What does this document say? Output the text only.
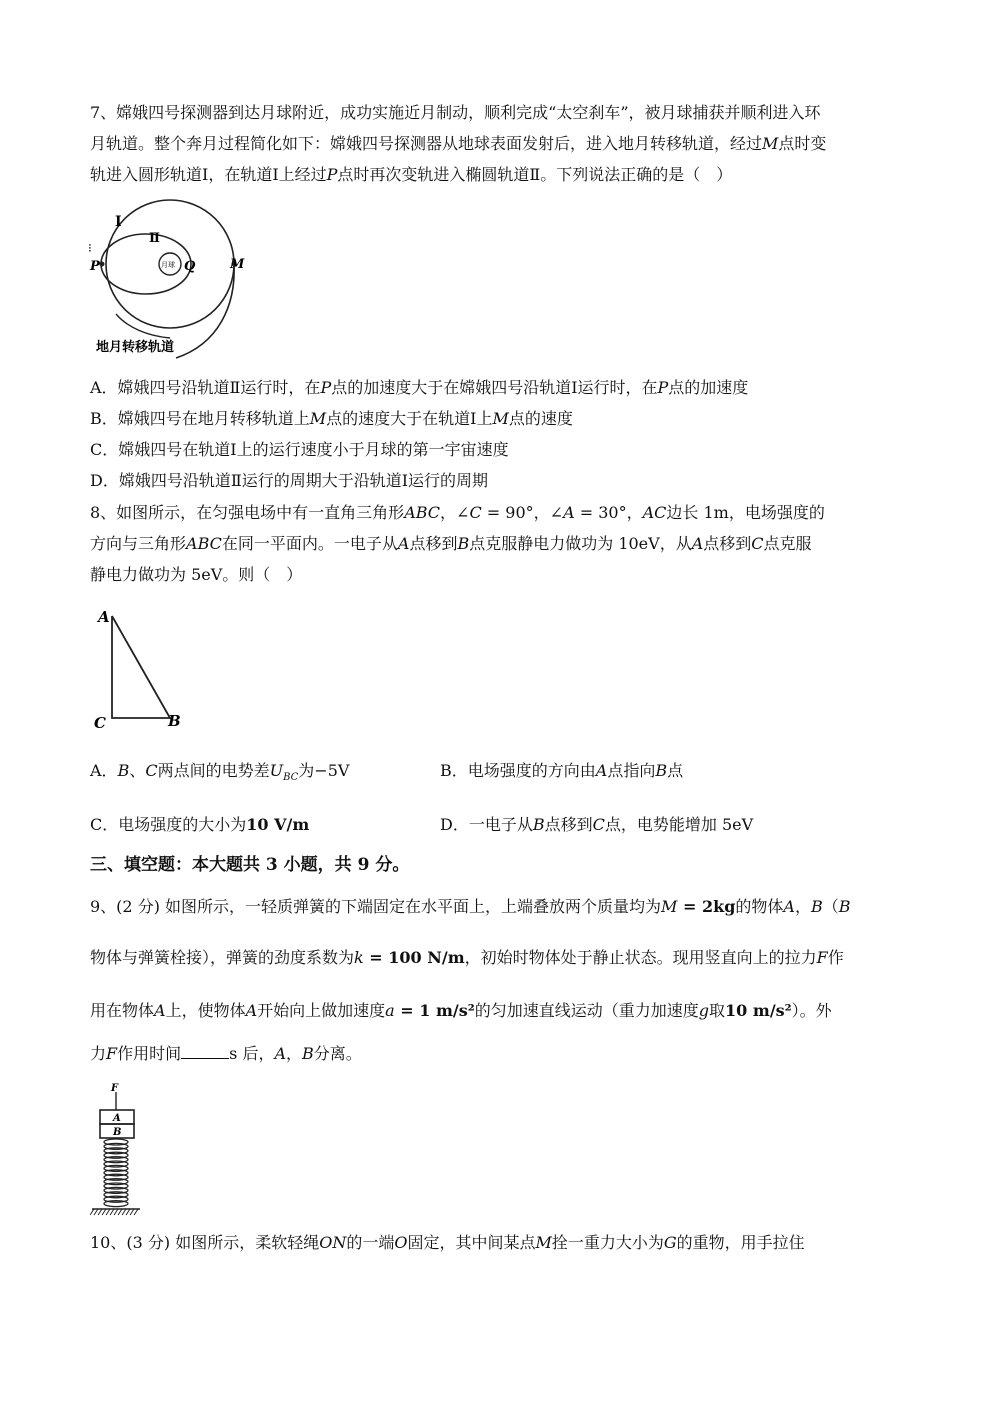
7、嫦娥四号探测器到达月球附近，成功实施近月制动，顺利完成“太空刹车”，被月球捕获并顺利进入环
月轨道。整个奔月过程简化如下：嫦娥四号探测器从地球表面发射后，进入地月转移轨道，经过M点时变
轨进入圆形轨道Ⅰ，在轨道Ⅰ上经过P点时再次变轨进入椭圆轨道Ⅱ。下列说法正确的是（　）
⁝
月球
Ⅰ
Ⅱ
P	Q	M
地月转移轨道
A．嫦娥四号沿轨道Ⅱ运行时，在P点的加速度大于在嫦娥四号沿轨道Ⅰ运行时，在P点的加速度
B．嫦娥四号在地月转移轨道上M点的速度大于在轨道Ⅰ上M点的速度
C．嫦娥四号在轨道Ⅰ上的运行速度小于月球的第一宇宙速度
D．嫦娥四号沿轨道Ⅱ运行的周期大于沿轨道Ⅰ运行的周期
8、如图所示，在匀强电场中有一直角三角形ABC，∠C = 90°，∠A = 30°，AC边长 1m，电场强度的
方向与三角形ABC在同一平面内。一电子从A点移到B点克服静电力做功为 10eV，从A点移到C点克服
静电力做功为 5eV。则（　）
A
C	B
A．B、C两点间的电势差$U_{BC}$为−5V	B．电场强度的方向由A点指向B点
C．电场强度的大小为10 V/m	D．一电子从B点移到C点，电势能增加 5eV
三、填空题：本大题共 3 小题，共 9 分。
9、(2 分) 如图所示，一轻质弹簧的下端固定在水平面上，上端叠放两个质量均为M = 2kg的物体A，B（B
物体与弹簧栓接），弹簧的劲度系数为k = 100 N/m，初始时物体处于静止状态。现用竖直向上的拉力F作
用在物体A上，使物体A开始向上做加速度a = 1 m/s²的匀加速直线运动（重力加速度g取10 m/s²）。外
力F作用时间	s 后，A，B分离。
F
A
B
10、(3 分) 如图所示，柔软轻绳ON的一端O固定，其中间某点M拴一重力大小为G的重物，用手拉住
